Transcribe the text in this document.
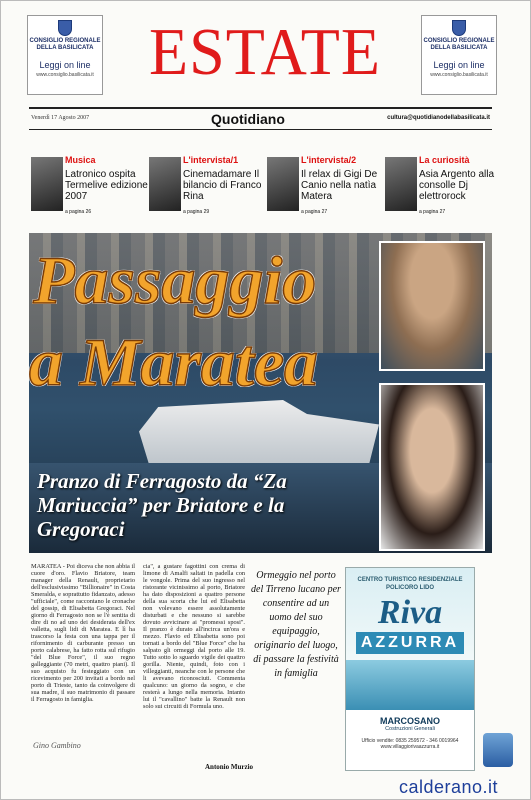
CONSIGLIO REGIONALE DELLA BASILICATA
Leggi on line
www.consiglio.basilicata.it ESTATE	CONSIGLIO REGIONALE DELLA BASILICATA
Leggi on line
www.consiglio.basilicata.it
Venerdì 17 Agosto 2007	Quotidiano	cultura@quotidianodellabasilicata.it
Musica
Latronico ospita Termelive edizione 2007
a pagina 26
L'intervista/1
Cinemadamare Il bilancio di Franco Rina
a pagina 29
L'intervista/2
Il relax di Gigi De Canio nella natìa Matera
a pagina 27
La curiosità
Asia Argento alla consolle Dj elettrorock
a pagina 27
Passaggio
a Maratea
Pranzo di Ferragosto da “Za Mariuccia” per Briatore e la Gregoraci

MARATEA - Poi diceva che non abbia il cuore d'oro. Flavio Briatore, team manager della Renault, proprietario dell'esclusivissimo "Billionaire" in Costa Smeralda, e soprattutto fidanzato, adesso "ufficiale", come raccontano le cronache del gossip, di Elisabetta Gregoraci. Nel giorno di Ferragosto non se l'è sentita di dire di no ad uno dei desiderata dell'ex valletta, sugli lidi di Maratea. E lì ha trascorso la festa con una tappa per il rifornimento di carburante presso un porto calabrese, ha fatto rotta sul rifugio "del Blue Force", il suo regno galleggiante (70 metri, quattro piani). Il suo acquisto fu festeggiato con un ricevimento per 200 invitati a bordo nel porto di Trieste, tanto da coinvolgere di sua madre, il suo matrimonio di passare il Ferragosto in famiglia.

cia", a gustare fagottini con crema di limone di Amalfi saltati in padella con le vongole. Prima del suo ingresso nel ristorante vicinissimo al porto, Briatore ha dato disposizioni a quattro persone della sua scorta che lui ed Elisabetta non volevano essere assolutamente disturbati e che nessuno si sarebbe dovuto avvicinare ai "promessi sposi". Il pranzo è durato all'incirca un'ora e mezzo. Flavio ed Elisabetta sono poi tornati a bordo del "Blue Force" che ha salpato gli ormeggi dal porto alle 19. Tutto sotto lo sguardo vigile dei quattro gorilla. Niente, quindi, foto con i villeggianti, neanche con le persone che li avevano riconosciuti. Commenta qualcuno: un giorno da sogno, e che resterà a lungo nella memoria. Intanto lui il "cavallino" batte la Renault non solo sui circuiti di Formula uno.

Gino Gambino
Antonio Murzio
Ormeggio nel porto del Tirreno lucano per consentire ad un uomo del suo equipaggio, originario del luogo, di passare la festività in famiglia
CENTRO TURISTICO RESIDENZIALE POLICORO LIDO
Riva
AZZURRA
MARCOSANO
Costruzioni Generali
Ufficio vendite: 0835 259572 - 346 0019964
www.villaggiorivaazzurra.it
calderano.it
